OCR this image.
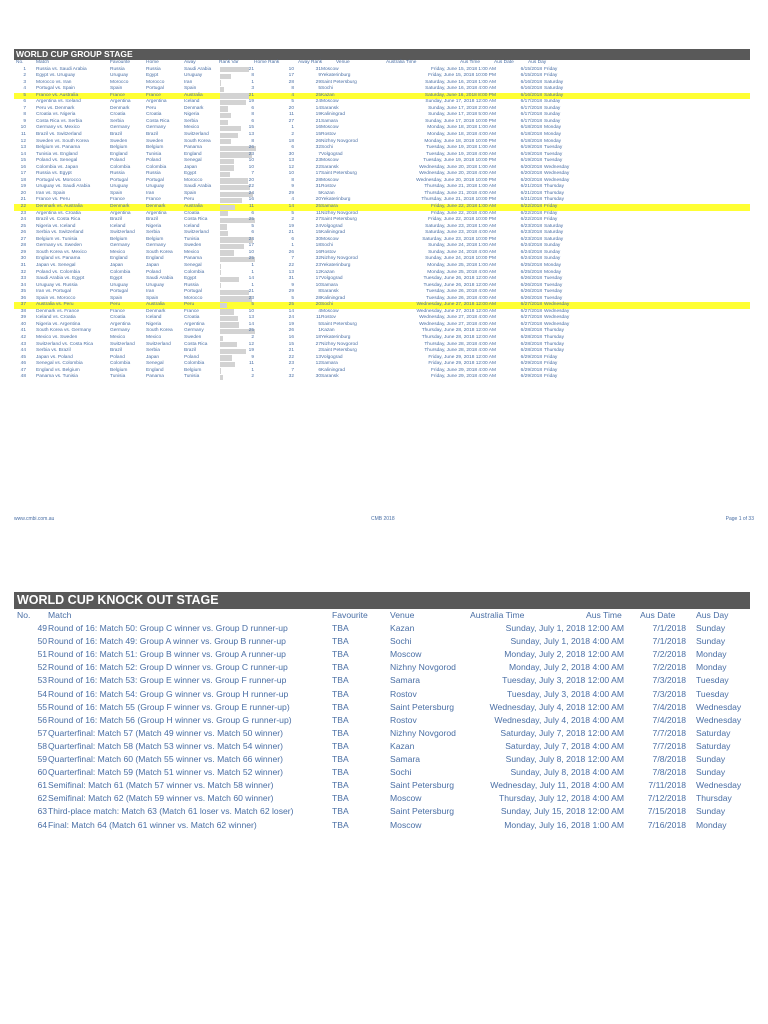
WORLD CUP GROUP STAGE
No.	Match	Favourite	Home	Away	Rank Var	Home Rank	Away Rank	Venue	Australia Time	Aus Time	Aus Date	Aus Day
1 Russia vs. Saudi Arabia	Russia	Russia	Saudi Arabia	21	10	31 Moscow	Friday, June 15, 2018 1:00 AM	6/15/2018 Friday
2 Egypt vs. Uruguay	Uruguay	Egypt	Uruguay	8	17	9 Yekaterinburg	Friday, June 15, 2018 10:00 PM	6/15/2018 Friday
3 Morocco vs. Iran	Morocco	Morocco	Iran	1	28	29 Saint Petersburg	Saturday, June 16, 2018 1:00 AM	6/16/2018 Saturday
4 Portugal vs. Spain	Spain	Portugal	Spain	3	8	5 Sochi	Saturday, June 16, 2018 4:00 AM	6/16/2018 Saturday
5 France vs. Australia	France	France	Australia	21	4	25 Kazan	Saturday, June 16, 2018 8:00 PM	6/16/2018 Saturday
6 Argentina vs. Iceland	Argentina	Argentina	Iceland	19	5	24 Moscow	Sunday, June 17, 2018 12:00 AM	6/17/2018 Sunday
7 Peru vs. Denmark	Denmark	Peru	Denmark	6	20	14 Saransk	Sunday, June 17, 2018 2:00 AM	6/17/2018 Sunday
8 Croatia vs. Nigeria	Croatia	Croatia	Nigeria	8	11	19 Kaliningrad	Sunday, June 17, 2018 5:00 AM	6/17/2018 Sunday
9 Costa Rica vs. Serbia	Serbia	Costa Rica	Serbia	6	27	21 Samara	Sunday, June 17, 2018 10:00 PM	6/17/2018 Sunday
10 Germany vs. Mexico	Germany	Germany	Mexico	15	1	16 Moscow	Monday, June 18, 2018 1:00 AM	6/18/2018 Monday
11 Brazil vs. Switzerland	Brazil	Brazil	Switzerland	13	2	15 Rostov	Monday, June 18, 2018 4:00 AM	6/18/2018 Monday
12 Sweden vs. South Korea	Sweden	Sweden	South Korea	8	18	26 Nizhny Novgorod	Monday, June 18, 2018 10:00 PM	6/18/2018 Monday
13 Belgium vs. Panama	Belgium	Belgium	Panama	26	6	32 Sochi	Tuesday, June 19, 2018 1:00 AM	6/19/2018 Tuesday
14 Tunisia vs. England	England	Tunisia	England	23	30	7 Volgograd	Tuesday, June 19, 2018 4:00 AM	6/19/2018 Tuesday
15 Poland vs. Senegal	Poland	Poland	Senegal	10	13	23 Moscow	Tuesday, June 19, 2018 10:00 PM	6/19/2018 Tuesday
16 Colombia vs. Japan	Colombia	Colombia	Japan	10	12	22 Saransk	Wednesday, June 20, 2018 1:00 AM	6/20/2018 Wednesday
17 Russia vs. Egypt	Russia	Russia	Egypt	7	10	17 Saint Petersburg	Wednesday, June 20, 2018 4:00 AM	6/20/2018 Wednesday
18 Portugal vs. Morocco	Portugal	Portugal	Morocco	20	8	28 Moscow	Wednesday, June 20, 2018 10:00 PM	6/20/2018 Wednesday
19 Uruguay vs. Saudi Arabia	Uruguay	Uruguay	Saudi Arabia	22	9	31 Rostov	Thursday, June 21, 2018 1:00 AM	6/21/2018 Thursday
20 Iran vs. Spain	Spain	Iran	Spain	24	29	5 Kazan	Thursday, June 21, 2018 4:00 AM	6/21/2018 Thursday
21 France vs. Peru	France	France	Peru	16	4	20 Yekaterinburg	Thursday, June 21, 2018 10:00 PM	6/21/2018 Thursday
22 Denmark vs. Australia	Denmark	Denmark	Australia	11	14	25 Samara	Friday, June 22, 2018 1:00 AM	6/22/2018 Friday
23 Argentina vs. Croatia	Argentina	Argentina	Croatia	6	5	11 Nizhny Novgorod	Friday, June 22, 2018 4:00 AM	6/22/2018 Friday
24 Brazil vs. Costa Rica	Brazil	Brazil	Costa Rica	25	2	27 Saint Petersburg	Friday, June 22, 2018 10:00 PM	6/22/2018 Friday
25 Nigeria vs. Iceland	Iceland	Nigeria	Iceland	5	19	24 Volgograd	Saturday, June 23, 2018 1:00 AM	6/23/2018 Saturday
26 Serbia vs. Switzerland	Switzerland	Serbia	Switzerland	6	21	15 Kaliningrad	Saturday, June 23, 2018 4:00 AM	6/23/2018 Saturday
27 Belgium vs. Tunisia	Belgium	Belgium	Tunisia	24	6	30 Moscow	Saturday, June 23, 2018 10:00 PM	6/23/2018 Saturday
28 Germany vs. Sweden	Germany	Germany	Sweden	17	1	18 Sochi	Sunday, June 24, 2018 1:00 AM	6/24/2018 Sunday
29 South Korea vs. Mexico	Mexico	South Korea	Mexico	10	26	16 Rostov	Sunday, June 24, 2018 4:00 AM	6/24/2018 Sunday
30 England vs. Panama	England	England	Panama	25	7	32 Nizhny Novgorod	Sunday, June 24, 2018 10:00 PM	6/24/2018 Sunday
31 Japan vs. Senegal	Japan	Japan	Senegal	1	22	23 Yekaterinburg	Monday, June 25, 2018 1:00 AM	6/25/2018 Monday
32 Poland vs. Colombia	Colombia	Poland	Colombia	1	13	12 Kazan	Monday, June 25, 2018 4:00 AM	6/25/2018 Monday
33 Saudi Arabia vs. Egypt	Egypt	Saudi Arabia	Egypt	14	31	17 Volgograd	Tuesday, June 26, 2018 12:00 AM	6/26/2018 Tuesday
34 Uruguay vs. Russia	Uruguay	Uruguay	Russia	1	9	10 Samara	Tuesday, June 26, 2018 12:00 AM	6/26/2018 Tuesday
35 Iran vs. Portugal	Portugal	Iran	Portugal	21	29	8 Saransk	Tuesday, June 26, 2018 4:00 AM	6/26/2018 Tuesday
36 Spain vs. Morocco	Spain	Spain	Morocco	23	5	28 Kaliningrad	Tuesday, June 26, 2018 4:00 AM	6/26/2018 Tuesday
37 Australia vs. Peru	Peru	Australia	Peru	5	25	20 Sochi	Wednesday, June 27, 2018 12:00 AM	6/27/2018 Wednesday
38 Denmark vs. France	France	Denmark	France	10	14	4 Moscow	Wednesday, June 27, 2018 12:00 AM	6/27/2018 Wednesday
39 Iceland vs. Croatia	Croatia	Iceland	Croatia	13	24	11 Rostov	Wednesday, June 27, 2018 4:00 AM	6/27/2018 Wednesday
40 Nigeria vs. Argentina	Argentina	Nigeria	Argentina	14	19	5 Saint Petersburg	Wednesday, June 27, 2018 4:00 AM	6/27/2018 Wednesday
41 South Korea vs. Germany	Germany	South Korea	Germany	25	26	1 Kazan	Thursday, June 28, 2018 12:00 AM	6/28/2018 Thursday
42 Mexico vs. Sweden	Mexico	Mexico	Sweden	2	16	18 Yekaterinburg	Thursday, June 28, 2018 12:00 AM	6/28/2018 Thursday
43 Switzerland vs. Costa Rica	Switzerland	Switzerland	Costa Rica	12	15	27 Nizhny Novgorod	Thursday, June 28, 2018 4:00 AM	6/28/2018 Thursday
44 Serbia vs. Brazil	Brazil	Serbia	Brazil	19	21	2 Saint Petersburg	Thursday, June 28, 2018 4:00 AM	6/28/2018 Thursday
45 Japan vs. Poland	Poland	Japan	Poland	9	22	13 Volgograd	Friday, June 29, 2018 12:00 AM	6/29/2018 Friday
46 Senegal vs. Colombia	Colombia	Senegal	Colombia	11	23	12 Samara	Friday, June 29, 2018 12:00 AM	6/29/2018 Friday
47 England vs. Belgium	Belgium	England	Belgium	1	7	6 Kaliningrad	Friday, June 29, 2018 4:00 AM	6/29/2018 Friday
48 Panama vs. Tunisia	Tunisia	Panama	Tunisia	2	32	30 Saransk	Friday, June 29, 2018 4:00 AM	6/29/2018 Friday
www.cmbi.com.au	CMB 2018	Page 1 of 33
WORLD CUP KNOCK OUT STAGE
No. Match	Favourite	Venue	Australia Time	Aus Time Aus Date Aus Day
49 Round of 16: Match 50: Group C winner vs. Group D runner-up	TBA	Kazan	Sunday, July 1, 2018 12:00 AM	7/1/2018 Sunday
50 Round of 16: Match 49: Group A winner vs. Group B runner-up	TBA	Sochi	Sunday, July 1, 2018 4:00 AM	7/1/2018 Sunday
51 Round of 16: Match 51: Group B winner vs. Group A runner-up	TBA	Moscow	Monday, July 2, 2018 12:00 AM	7/2/2018 Monday
52 Round of 16: Match 52: Group D winner vs. Group C runner-up	TBA	Nizhny Novgorod	Monday, July 2, 2018 4:00 AM	7/2/2018 Monday
53 Round of 16: Match 53: Group E winner vs. Group F runner-up	TBA	Samara	Tuesday, July 3, 2018 12:00 AM	7/3/2018 Tuesday
54 Round of 16: Match 54: Group G winner vs. Group H runner-up	TBA	Rostov	Tuesday, July 3, 2018 4:00 AM	7/3/2018 Tuesday
55 Round of 16: Match 55 (Group F winner vs. Group E runner-up)	TBA	Saint Petersburg	Wednesday, July 4, 2018 12:00 AM	7/4/2018 Wednesday
56 Round of 16: Match 56 (Group H winner vs. Group G runner-up)	TBA	Rostov	Wednesday, July 4, 2018 4:00 AM	7/4/2018 Wednesday
57 Quarterfinal: Match 57 (Match 49 winner vs. Match 50 winner)	TBA	Nizhny Novgorod	Saturday, July 7, 2018 12:00 AM	7/7/2018 Saturday
58 Quarterfinal: Match 58 (Match 53 winner vs. Match 54 winner)	TBA	Kazan	Saturday, July 7, 2018 4:00 AM	7/7/2018 Saturday
59 Quarterfinal: Match 60 (Match 55 winner vs. Match 66 winner)	TBA	Samara	Sunday, July 8, 2018 12:00 AM	7/8/2018 Sunday
60 Quarterfinal: Match 59 (Match 51 winner vs. Match 52 winner)	TBA	Sochi	Sunday, July 8, 2018 4:00 AM	7/8/2018 Sunday
61 Semifinal: Match 61 (Match 57 winner vs. Match 58 winner)	TBA	Saint Petersburg	Wednesday, July 11, 2018 4:00 AM	7/11/2018 Wednesday
62 Semifinal: Match 62 (Match 59 winner vs. Match 60 winner)	TBA	Moscow	Thursday, July 12, 2018 4:00 AM	7/12/2018 Thursday
63 Third-place match: Match 63 (Match 61 loser vs. Match 62 loser)	TBA	Saint Petersburg	Sunday, July 15, 2018 12:00 AM	7/15/2018 Sunday
64 Final: Match 64 (Match 61 winner vs. Match 62 winner)	TBA	Moscow	Monday, July 16, 2018 1:00 AM	7/16/2018 Monday
